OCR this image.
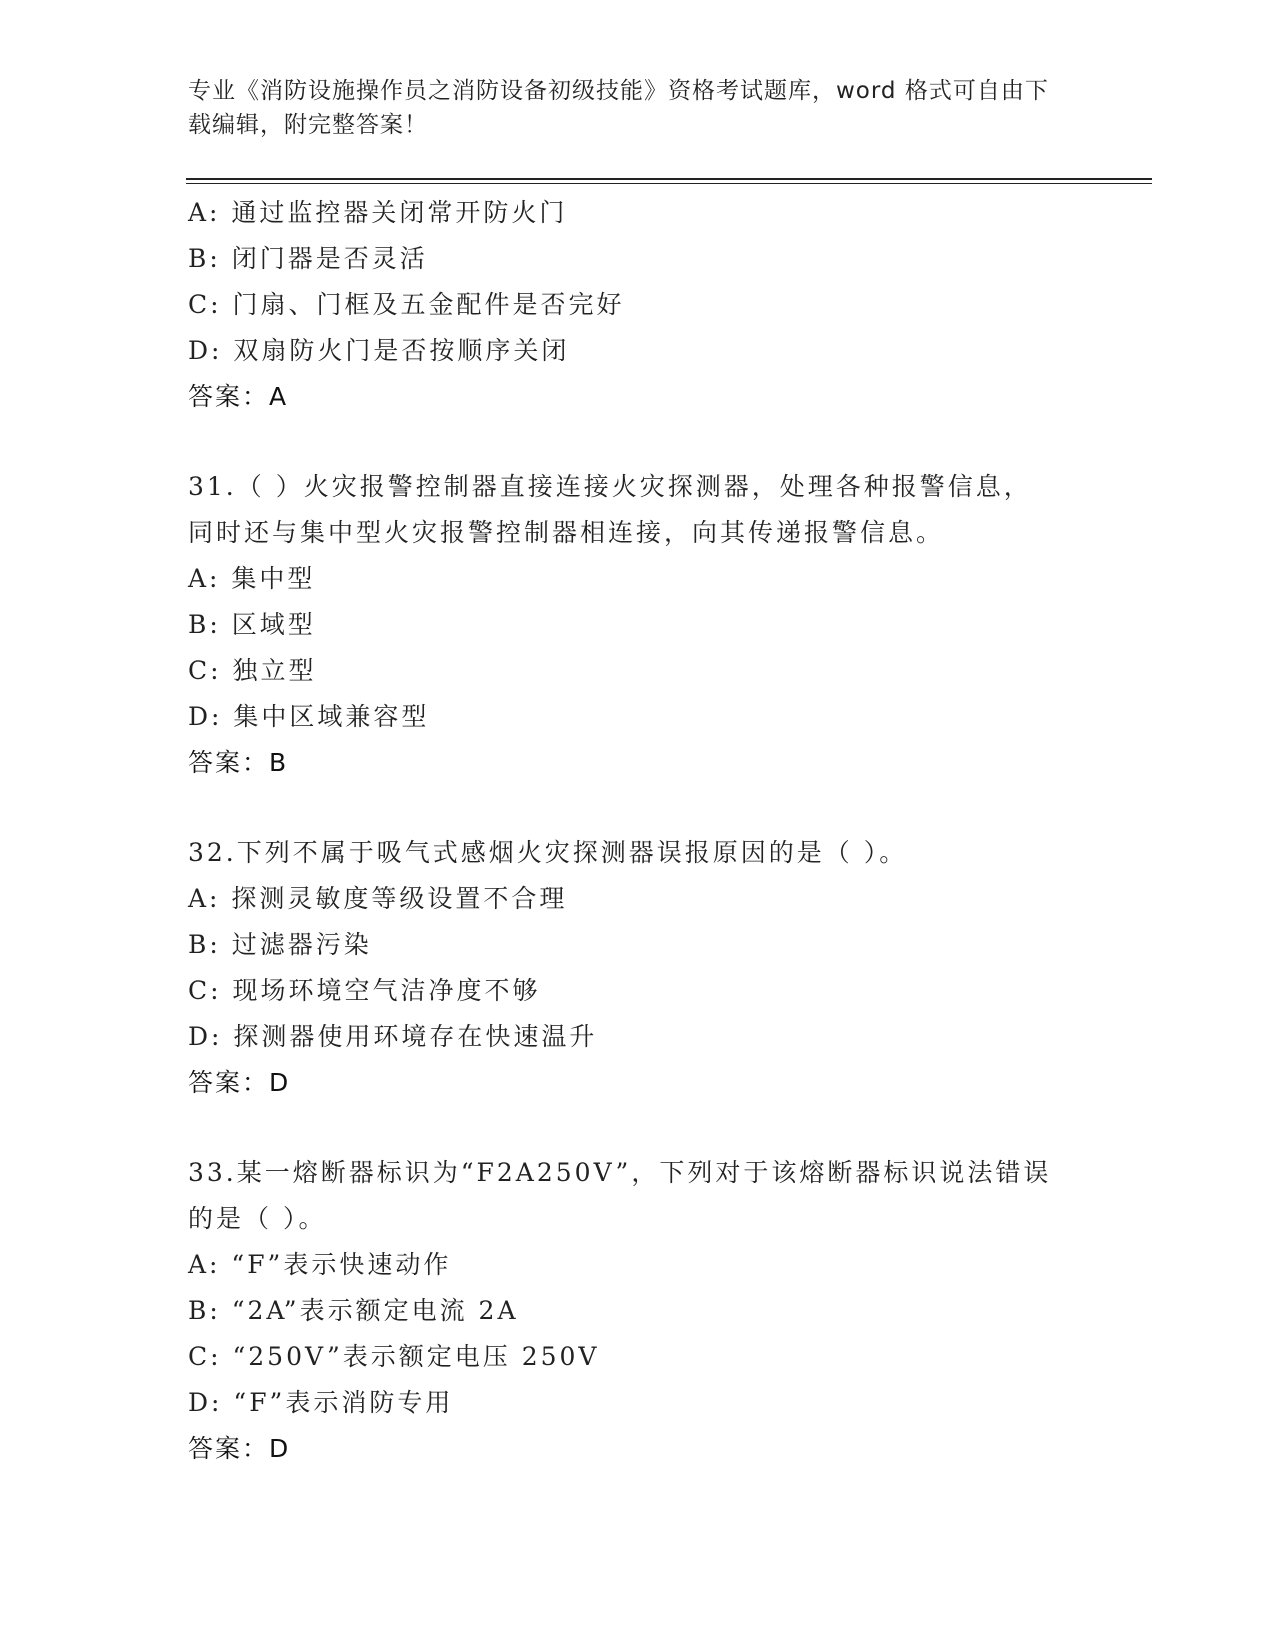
专业《消防设施操作员之消防设备初级技能》资格考试题库，word 格式可自由下
载编辑，附完整答案！
A: 通过监控器关闭常开防火门
B: 闭门器是否灵活
C: 门扇、门框及五金配件是否完好
D: 双扇防火门是否按顺序关闭
答案：A
31.（ ）火灾报警控制器直接连接火灾探测器，处理各种报警信息，
同时还与集中型火灾报警控制器相连接，向其传递报警信息。
A: 集中型
B: 区域型
C: 独立型
D: 集中区域兼容型
答案：B
32.下列不属于吸气式感烟火灾探测器误报原因的是（ ）。
A: 探测灵敏度等级设置不合理
B: 过滤器污染
C: 现场环境空气洁净度不够
D: 探测器使用环境存在快速温升
答案：D
33.某一熔断器标识为“F2A250V”，下列对于该熔断器标识说法错误
的是（ ）。
A: “F”表示快速动作
B: “2A”表示额定电流 2A
C: “250V”表示额定电压 250V
D: “F”表示消防专用
答案：D
